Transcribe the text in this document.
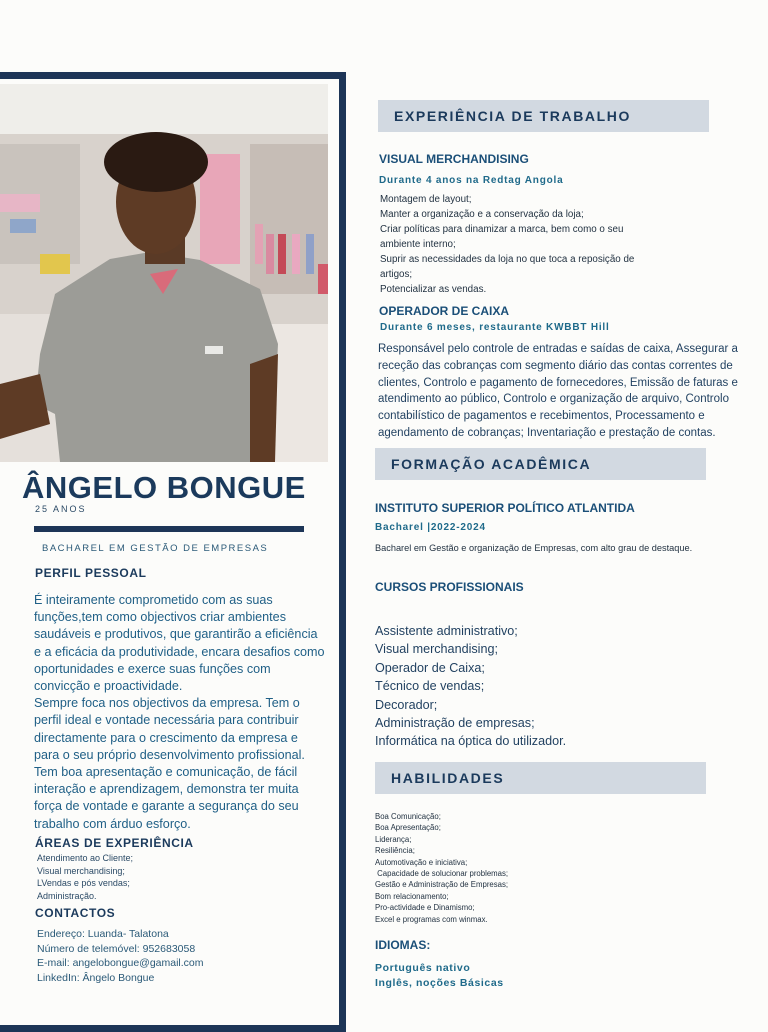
ÂNGELO BONGUE
25 ANOS
BACHAREL EM GESTÃO DE EMPRESAS
PERFIL PESSOAL

É inteiramente comprometido com as suas funções,tem como objectivos criar ambientes saudáveis e produtivos, que garantirão a eficiência e a eficácia da produtividade, encara desafios como oportunidades e exerce suas funções com convicção e proactividade.
Sempre foca nos objectivos da empresa. Tem o perfil ideal e vontade necessária para contribuir directamente para o crescimento da empresa e para o seu próprio desenvolvimento profissional. Tem boa apresentação e comunicação, de fácil interação e aprendizagem, demonstra ter muita força de vontade e garante a segurança do seu trabalho com árduo esforço.

ÁREAS DE EXPERIÊNCIA
Atendimento ao Cliente;
Visual merchandising;
LVendas e pós vendas;
Administração.
CONTACTOS
Endereço: Luanda- Talatona
Número de telemóvel: 952683058
E-mail: angelobongue@gamail.com
LinkedIn: Ângelo Bongue
EXPERIÊNCIA DE TRABALHO
VISUAL MERCHANDISING
Durante 4 anos na Redtag Angola
Montagem de layout;
Manter a organização e a conservação da loja;
Criar políticas para dinamizar a marca, bem como o seu
ambiente interno;
Suprir as necessidades da loja no que toca a reposição de
artigos;
Potencializar as vendas.
OPERADOR DE CAIXA
Durante 6 meses, restaurante KWBBT Hill

Responsável pelo controle de entradas e saídas de caixa, Assegurar a receção das cobranças com segmento diário das contas correntes de clientes, Controlo e pagamento de fornecedores, Emissão de faturas e atendimento ao público, Controlo e organização de arquivo, Controlo contabilístico de pagamentos e recebimentos, Processamento e agendamento de cobranças; Inventariação e prestação de contas.

FORMAÇÃO ACADÊMICA
INSTITUTO SUPERIOR POLÍTICO ATLANTIDA
Bacharel |2022-2024

Bacharel em Gestão e organização de Empresas, com alto grau de destaque.

CURSOS PROFISSIONAIS
Assistente administrativo;
Visual merchandising;
Operador de Caixa;
Técnico de vendas;
Decorador;
Administração de empresas;
Informática na óptica do utilizador.
HABILIDADES
Boa Comunicação;
Boa Apresentação;
Liderança;
Resiliência;
Automotivação e iniciativa;
Capacidade de solucionar problemas;
Gestão e Administração de Empresas;
Bom relacionamento;
Pro-actividade e Dinamismo;
Excel e programas com winmax.
IDIOMAS:
Português nativo
Inglês, noções Básicas
